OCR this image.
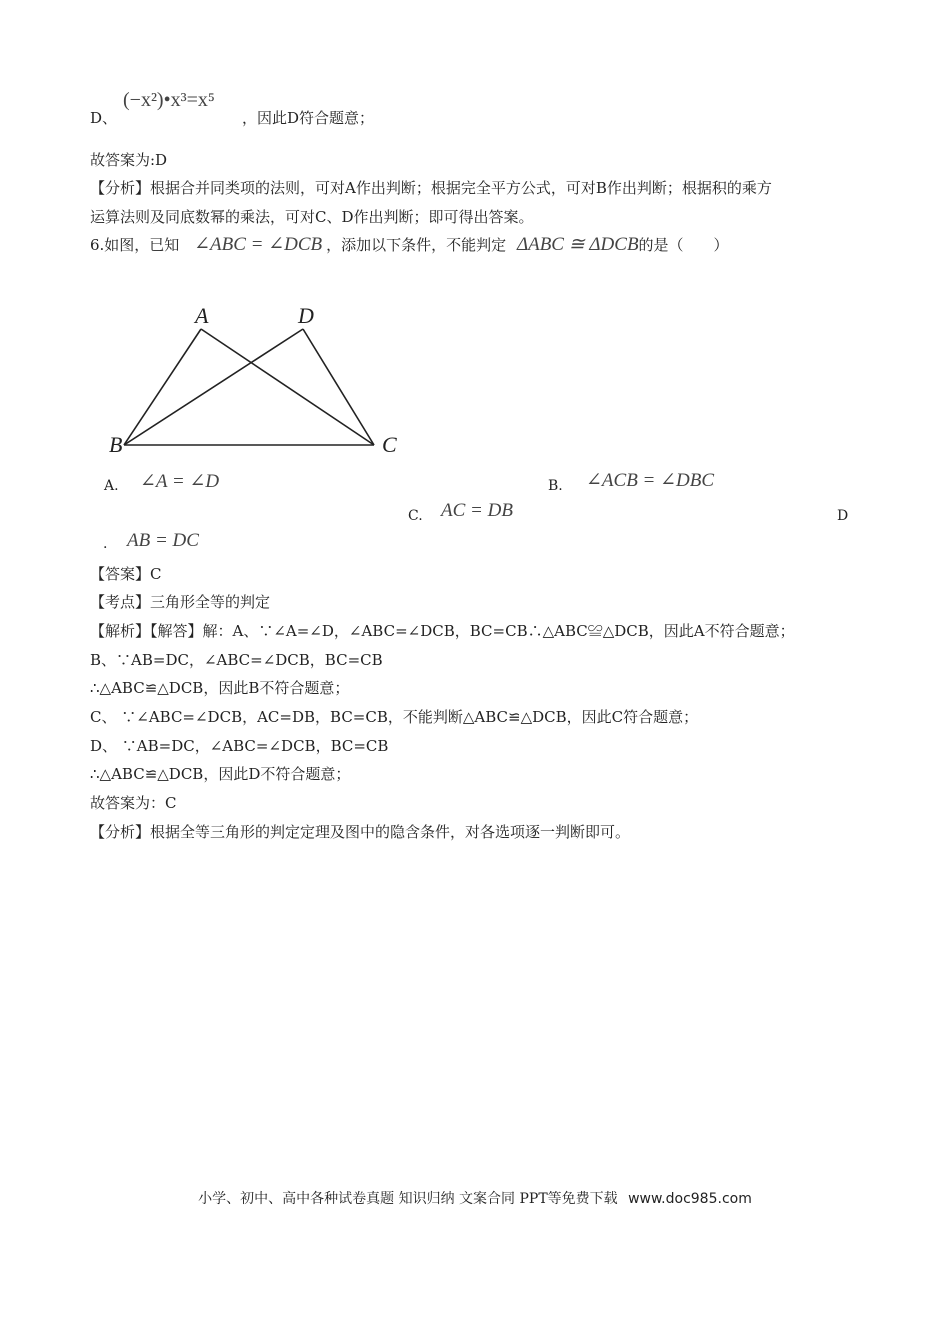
D、
(−x²)•x³=x⁵
，因此D符合题意；
故答案为:D
【分析】根据合并同类项的法则，可对A作出判断；根据完全平方公式，可对B作出判断；根据积的乘方
运算法则及同底数幂的乘法，可对C、D作出判断；即可得出答案。
6.如图，已知 ∠ABC = ∠DCB ，添加以下条件，不能判定 ΔABC ≅ ΔDCB的是（　　）
A	D
B	C
A. ∠A = ∠D	B. ∠ACB = ∠DBC
C. AC = DB	D
. AB = DC
【答案】C
【考点】三角形全等的判定
【解析】【解答】解：A、∵∠A=∠D，∠ABC=∠DCB，BC=CB∴△ABC≌△DCB，因此A不符合题意；
B、∵AB=DC，∠ABC=∠DCB，BC=CB
∴△ABC≌△DCB，因此B不符合题意；
C、 ∵∠ABC=∠DCB，AC=DB，BC=CB，不能判断△ABC≌△DCB，因此C符合题意；
D、 ∵AB=DC，∠ABC=∠DCB，BC=CB
∴△ABC≌△DCB，因此D不符合题意；
故答案为：C
【分析】根据全等三角形的判定定理及图中的隐含条件，对各选项逐一判断即可。
小学、初中、高中各种试卷真题 知识归纳 文案合同 PPT等免费下载 www.doc985.com
